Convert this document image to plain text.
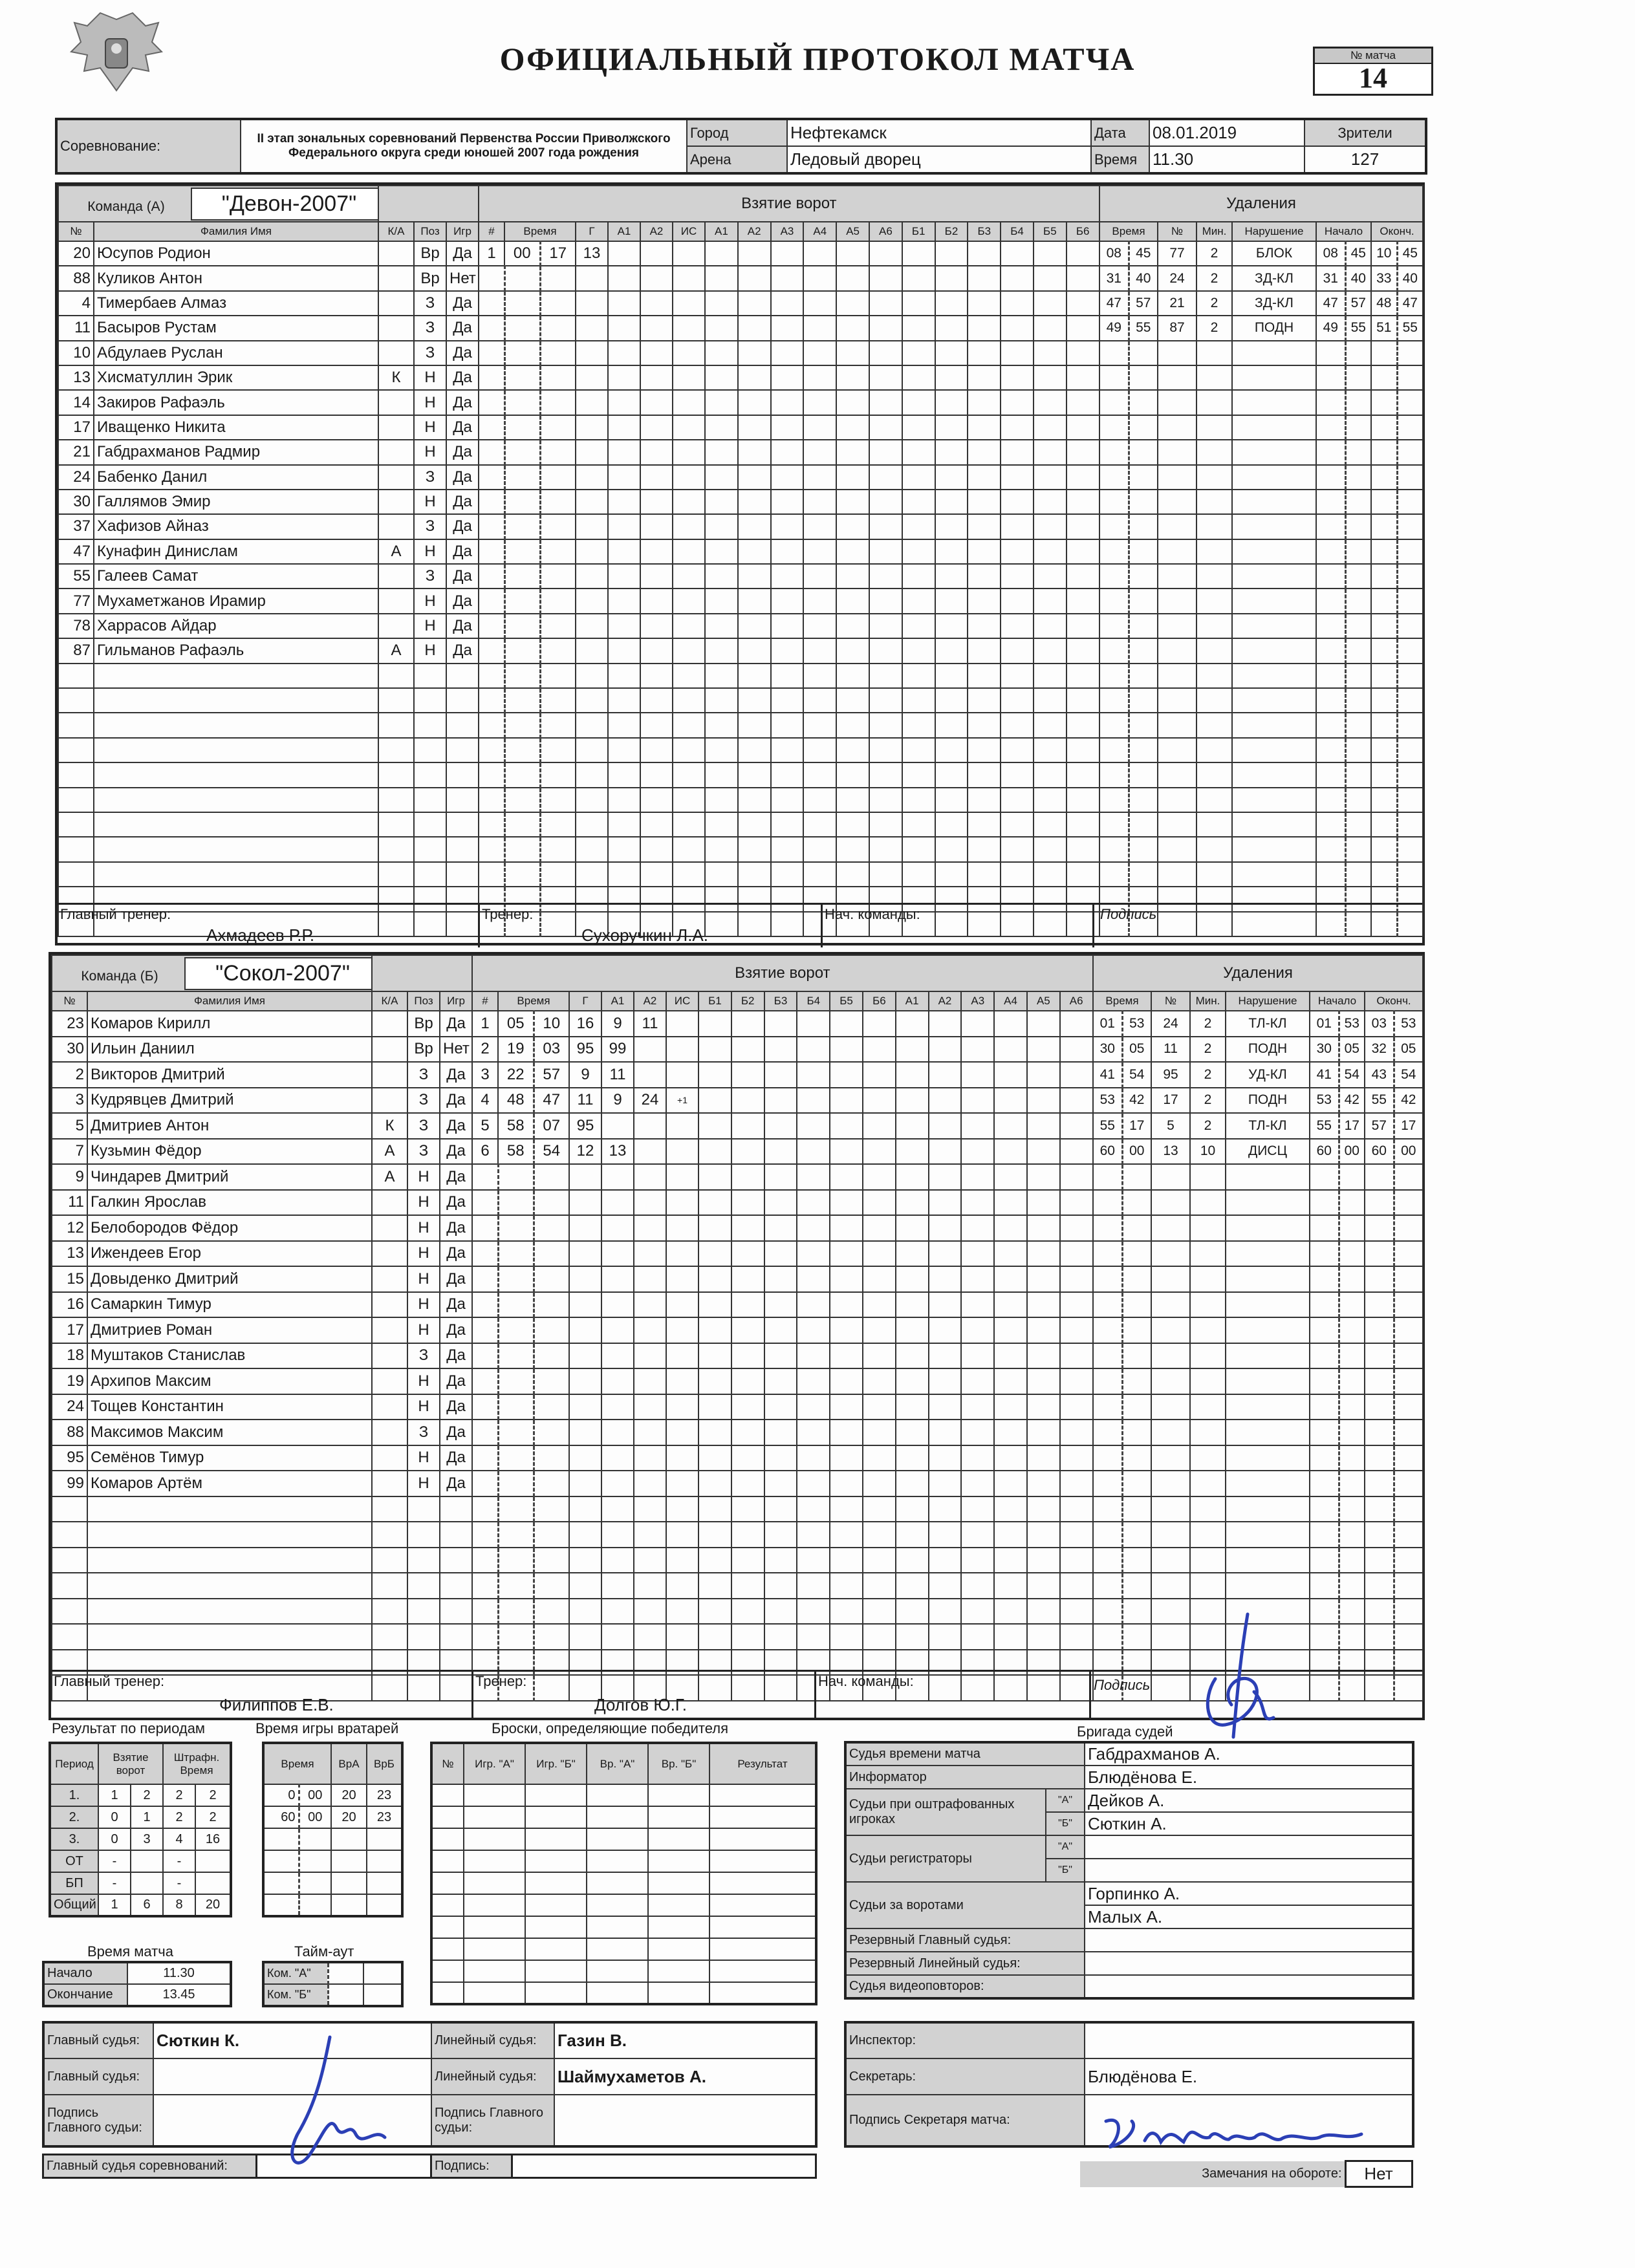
ОФИЦИАЛЬНЫЙ ПРОТОКОЛ МАТЧА	№ матча
14
Соревнование:	II этап зональных соревнований Первенства России Приволжского Федерального округа среди юношей 2007 года рождения	Город	Нефтекамск	Дата	08.01.2019	Зрители
		Арена	Ледовый дворец	Время	11.30	127
Команда (А) "Девон-2007"				
№	Фамилия Имя	К/А	Поз	Игр
20	Юсупов Родион		Вр	Да
88	Куликов Антон		Вр	Нет
4	Тимербаев Алмаз		З	Да
11	Басыров Рустам		З	Да
10	Абдулаев Руслан		З	Да
13	Хисматуллин Эрик	К	Н	Да
14	Закиров Рафаэль		Н	Да
17	Иващенко Никита		Н	Да
21	Габдрахманов Радмир		Н	Да
24	Бабенко Данил		З	Да
30	Галлямов Эмир		Н	Да
37	Хафизов Айназ		З	Да
47	Кунафин Динислам	А	Н	Да
55	Галеев Самат		З	Да
77	Мухаметжанов Ирамир		Н	Да
78	Харрасов Айдар		Н	Да
87	Гильманов Рафаэль	А	Н	Да

Взятие ворот																		
#	Время		Г	А1	А2	ИС	А1	А2	А3	А4	А5	А6	Б1	Б2	Б3	Б4	Б5	Б6
1	00	17	13															

Удаления								
Время		№	Мин.	Нарушение	Начало		Оконч.	
08	45	77	2	БЛОК	08	45	10	45
31	40	24	2	ЗД-КЛ	31	40	33	40
47	57	21	2	ЗД-КЛ	47	57	48	47
49	55	87	2	ПОДН	49	55	51	55

Главный тренер:
Ахмадеев Р.Р.
Тренер:
Сухоручкин Л.А.
Нач. команды:	Подпись
Команда (Б) "Сокол-2007"				
№	Фамилия Имя	К/А	Поз	Игр
23	Комаров Кирилл		Вр	Да
30	Ильин Даниил		Вр	Нет
2	Викторов Дмитрий		З	Да
3	Кудрявцев Дмитрий		З	Да
5	Дмитриев Антон	К	З	Да
7	Кузьмин Фёдор	А	З	Да
9	Чиндарев Дмитрий	А	Н	Да
11	Галкин Ярослав		Н	Да
12	Белобородов Фёдор		Н	Да
13	Ижендеев Егор		Н	Да
15	Довыденко Дмитрий		Н	Да
16	Самаркин Тимур		Н	Да
17	Дмитриев Роман		Н	Да
18	Муштаков Станислав		З	Да
19	Архипов Максим		Н	Да
24	Тощев Константин		Н	Да
88	Максимов Максим		З	Да
95	Семёнов Тимур		Н	Да
99	Комаров Артём		Н	Да

Взятие ворот																		
#	Время		Г	А1	А2	ИС	Б1	Б2	Б3	Б4	Б5	Б6	А1	А2	А3	А4	А5	А6
1	05	10	16	9	11													
2	19	03	95	99														
3	22	57	9	11														
4	48	47	11	9	24	+1												
5	58	07	95															
6	58	54	12	13														

Удаления								
Время		№	Мин.	Нарушение	Начало		Оконч.	
01	53	24	2	ТЛ-КЛ	01	53	03	53
30	05	11	2	ПОДН	30	05	32	05
41	54	95	2	УД-КЛ	41	54	43	54
53	42	17	2	ПОДН	53	42	55	42
55	17	5	2	ТЛ-КЛ	55	17	57	17
60	00	13	10	ДИСЦ	60	00	60	00

Главный тренер:
Филиппов Е.В.
Тренер:
Долгов Ю.Г.
Нач. команды:	Подпись
Результат по периодам
Период	Взятие ворот		Штрафн. Время	
1.	1	2	2	2
2.	0	1	2	2
3.	0	3	4	16
ОТ	-		-	
БП	-		-	
Общий	1	6	8	20
Время игры вратарей
Время		ВрА	ВрБ
0	00	20	23
60	00	20	23

Броски, определяющие победителя
№	Игр. "А"	Игр. "Б"	Вр. "А"	Вр. "Б"	Результат

Время матча
Начало	11.30
Окончание	13.45
Тайм-аут
Ком. "А"		
Ком. "Б"		
Бригада судей
Судья времени матча		Габдрахманов А.
Информатор		Блюдёнова Е.
Судьи при оштрафованных игроках	"А"	Дейков А.
	"Б"	Сюткин А.
Судьи регистраторы	"А"	
	"Б"	
Судьи за воротами		Горпинко А.
		Малых А.
Резервный Главный судья:		
Резервный Линейный судья:		
Судья видеоповторов:		
Главный судья:	Сюткин К.	Линейный судья:	Газин В.
Главный судья:		Линейный судья:	Шаймухаметов А.
Подпись Главного судьи:		Подпись Главного судьи:	
Главный судья соревнований:		Подпись:	
Инспектор:	
Секретарь:	Блюдёнова Е.
Подпись Секретаря матча:	
Замечания на обороте:	Нет
